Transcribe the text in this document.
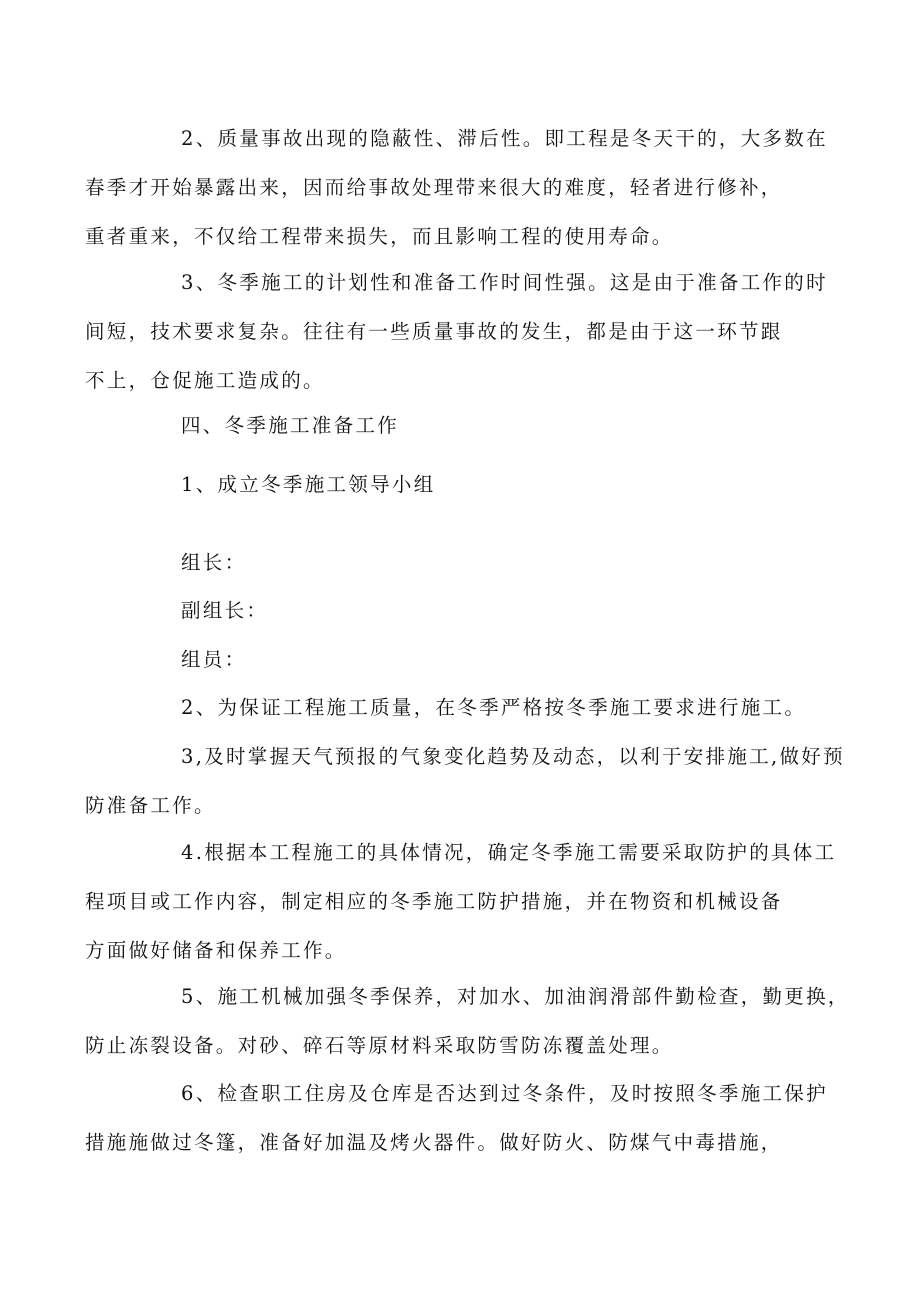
2、质量事故出现的隐蔽性、滞后性。即工程是冬天干的，大多数在
春季才开始暴露出来，因而给事故处理带来很大的难度，轻者进行修补，
重者重来，不仅给工程带来损失，而且影响工程的使用寿命。
3、冬季施工的计划性和准备工作时间性强。这是由于准备工作的时
间短，技术要求复杂。往往有一些质量事故的发生，都是由于这一环节跟
不上，仓促施工造成的。
四、冬季施工准备工作
1、成立冬季施工领导小组
组长：
副组长：
组员：
2、为保证工程施工质量，在冬季严格按冬季施工要求进行施工。
3,及时掌握天气预报的气象变化趋势及动态，以利于安排施工,做好预
防准备工作。
4.根据本工程施工的具体情况，确定冬季施工需要采取防护的具体工
程项目或工作内容，制定相应的冬季施工防护措施，并在物资和机械设备
方面做好储备和保养工作。
5、施工机械加强冬季保养，对加水、加油润滑部件勤检查，勤更换，
防止冻裂设备。对砂、碎石等原材料采取防雪防冻覆盖处理。
6、检查职工住房及仓库是否达到过冬条件，及时按照冬季施工保护
措施施做过冬篷，准备好加温及烤火器件。做好防火、防煤气中毒措施，
